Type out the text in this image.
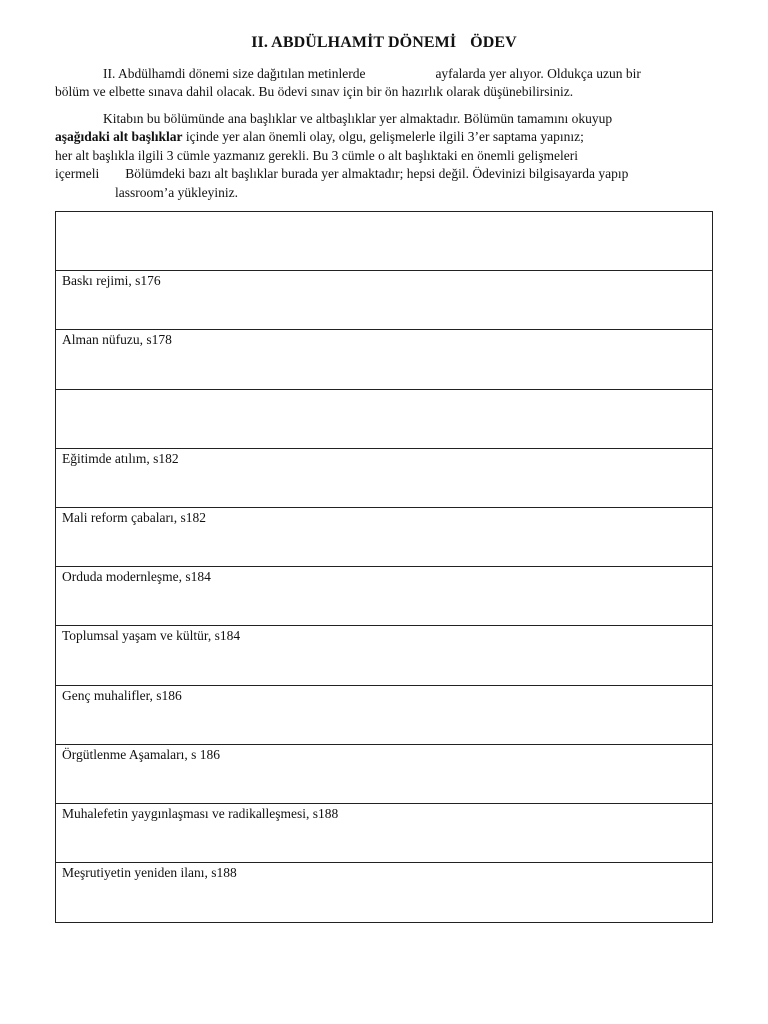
II. ABDÜLHAMİT DÖNEMİ ÖDEV
II. Abdülhamdi dönemi size dağıtılan metinlerde	ayfalarda yer alıyor. Oldukça uzun bir
bölüm ve elbette sınava dahil olacak. Bu ödevi sınav için bir ön hazırlık olarak düşünebilirsiniz.
Kitabın bu bölümünde ana başlıklar ve altbaşlıklar yer almaktadır. Bölümün tamamını okuyup
aşağıdaki alt başlıklar içinde yer alan önemli olay, olgu, gelişmelerle ilgili 3’er saptama yapınız;
her alt başlıkla ilgili 3 cümle yazmanız gerekli. Bu 3 cümle o alt başlıktaki en önemli gelişmeleri
içermeli Bölümdeki bazı alt başlıklar burada yer almaktadır; hepsi değil. Ödevinizi bilgisayarda yapıp
lassroom’a yükleyiniz.
Baskı rejimi, s176
Alman nüfuzu, s178
Eğitimde atılım, s182
Mali reform çabaları, s182
Orduda modernleşme, s184
Toplumsal yaşam ve kültür, s184
Genç muhalifler, s186
Örgütlenme Aşamaları, s 186
Muhalefetin yaygınlaşması ve radikalleşmesi, s188
Meşrutiyetin yeniden ilanı, s188
